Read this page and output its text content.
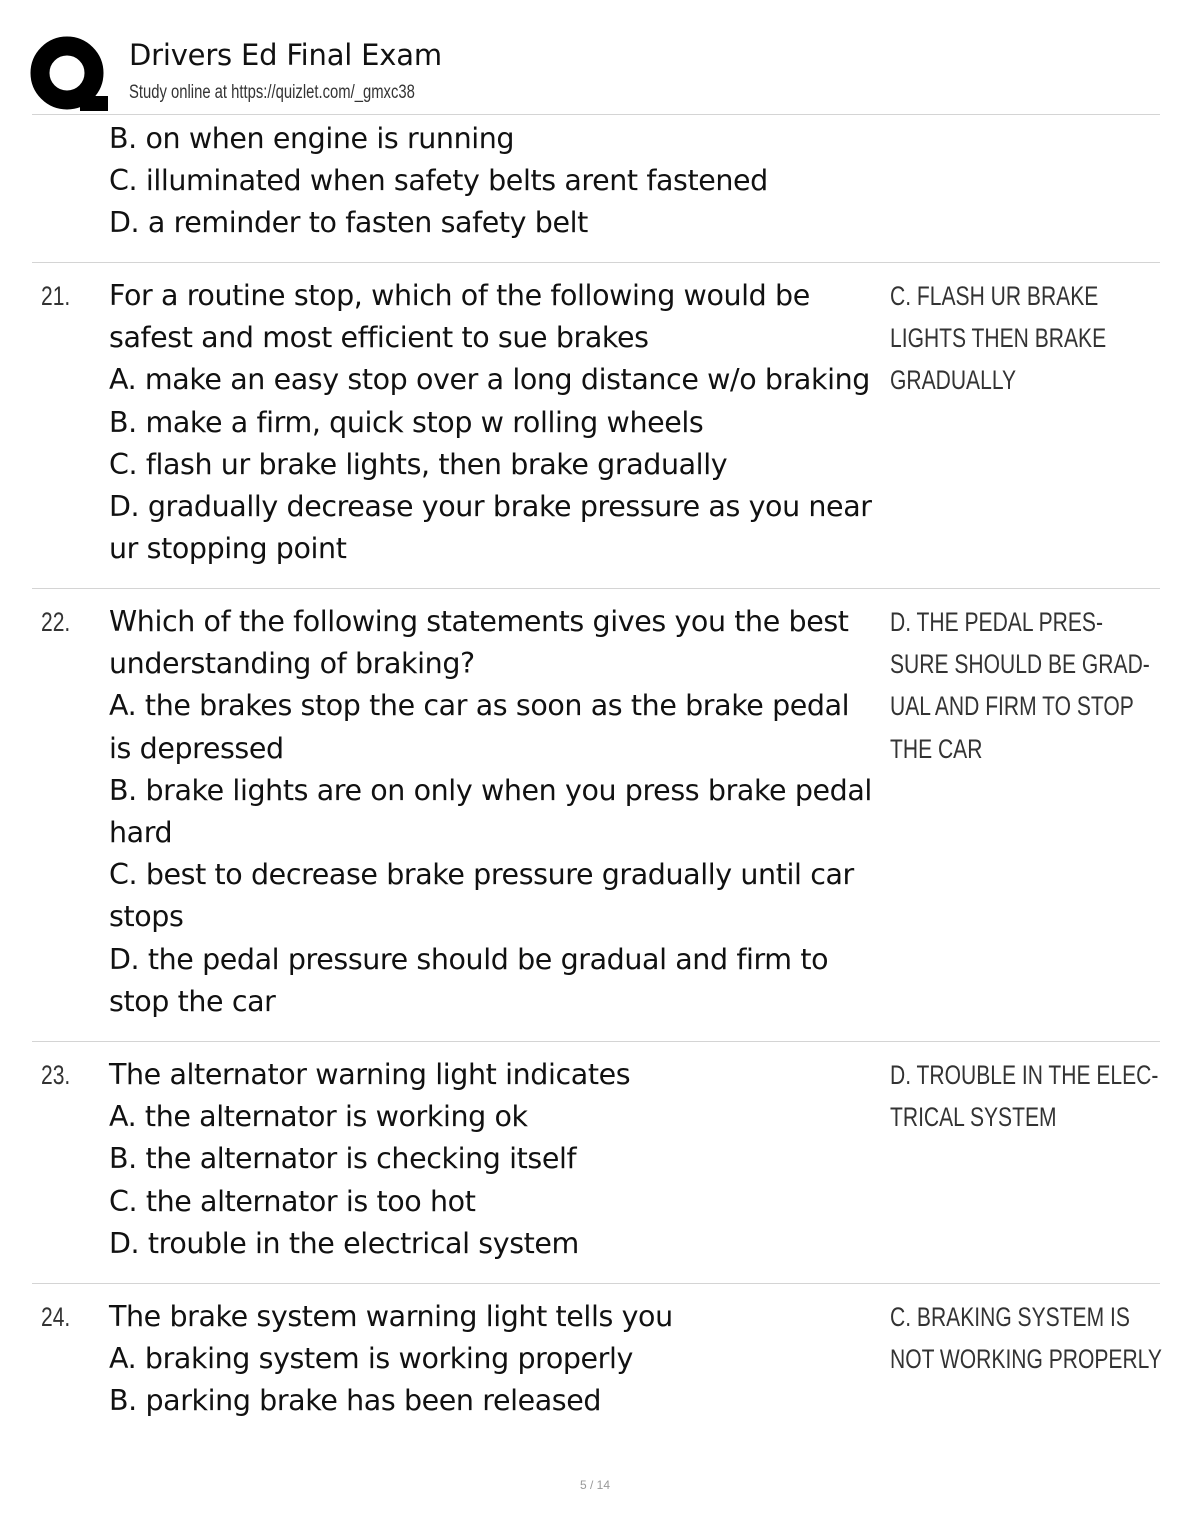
Drivers Ed Final Exam
Study online at https://quizlet.com/_gmxc38
B. on when engine is running
C. illuminated when safety belts arent fastened
D. a reminder to fasten safety belt
21. For a routine stop, which of the following would be
safest and most efficient to sue brakes
A. make an easy stop over a long distance w/o braking
B. make a firm, quick stop w rolling wheels
C. flash ur brake lights, then brake gradually
D. gradually decrease your brake pressure as you near
ur stopping point
C. FLASH UR BRAKE
LIGHTS THEN BRAKE
GRADUALLY
22. Which of the following statements gives you the best
understanding of braking?
A. the brakes stop the car as soon as the brake pedal
is depressed
B. brake lights are on only when you press brake pedal
hard
C. best to decrease brake pressure gradually until car
stops
D. the pedal pressure should be gradual and firm to
stop the car
D. THE PEDAL PRES-
SURE SHOULD BE GRAD-
UAL AND FIRM TO STOP
THE CAR
23. The alternator warning light indicates
A. the alternator is working ok
B. the alternator is checking itself
C. the alternator is too hot
D. trouble in the electrical system
D. TROUBLE IN THE ELEC-
TRICAL SYSTEM
24. The brake system warning light tells you
A. braking system is working properly
B. parking brake has been released
C. BRAKING SYSTEM IS
NOT WORKING PROPERLY
5 / 14
